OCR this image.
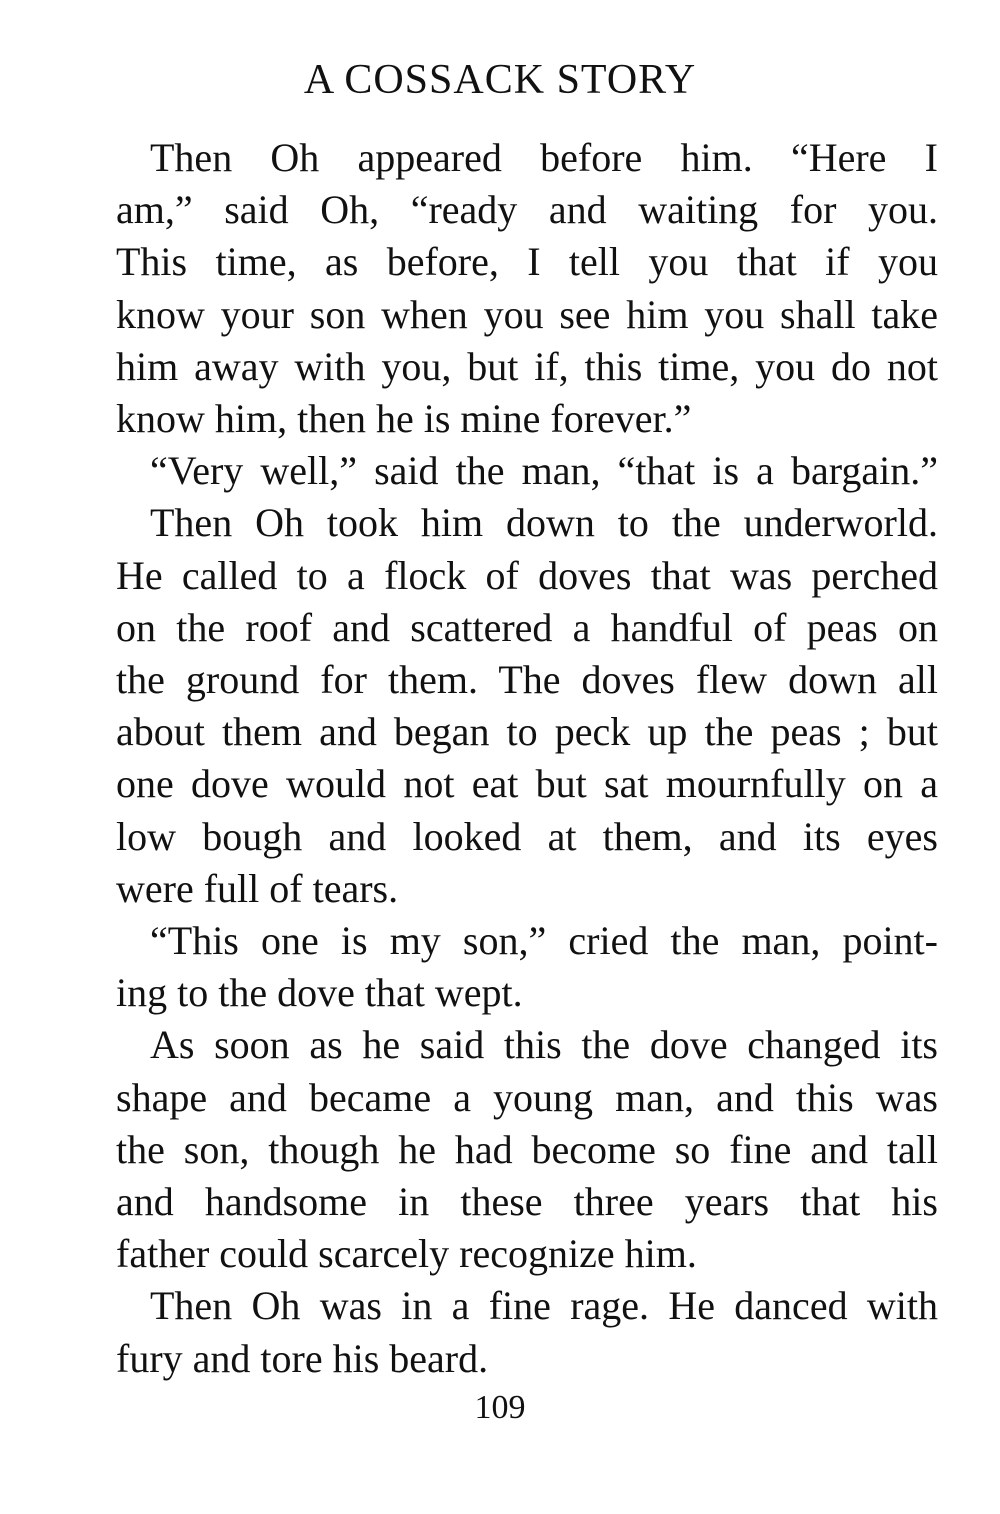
A COSSACK STORY

Then Oh appeared before him. “Here I
am,” said Oh, “ready and waiting for you.
This time, as before, I tell you that if you
know your son when you see him you shall take
him away with you, but if, this time, you do not
know him, then he is mine forever.”

“Very well,” said the man, “that is a bargain.”

Then Oh took him down to the underworld.
He called to a flock of doves that was perched
on the roof and scattered a handful of peas on
the ground for them. The doves flew down all
about them and began to peck up the peas ; but
one dove would not eat but sat mournfully on a
low bough and looked at them, and its eyes
were full of tears.

“This one is my son,” cried the man, point-
ing to the dove that wept.

As soon as he said this the dove changed its
shape and became a young man, and this was
the son, though he had become so fine and tall
and handsome in these three years that his
father could scarcely recognize him.

Then Oh was in a fine rage. He danced with
fury and tore his beard.

109
